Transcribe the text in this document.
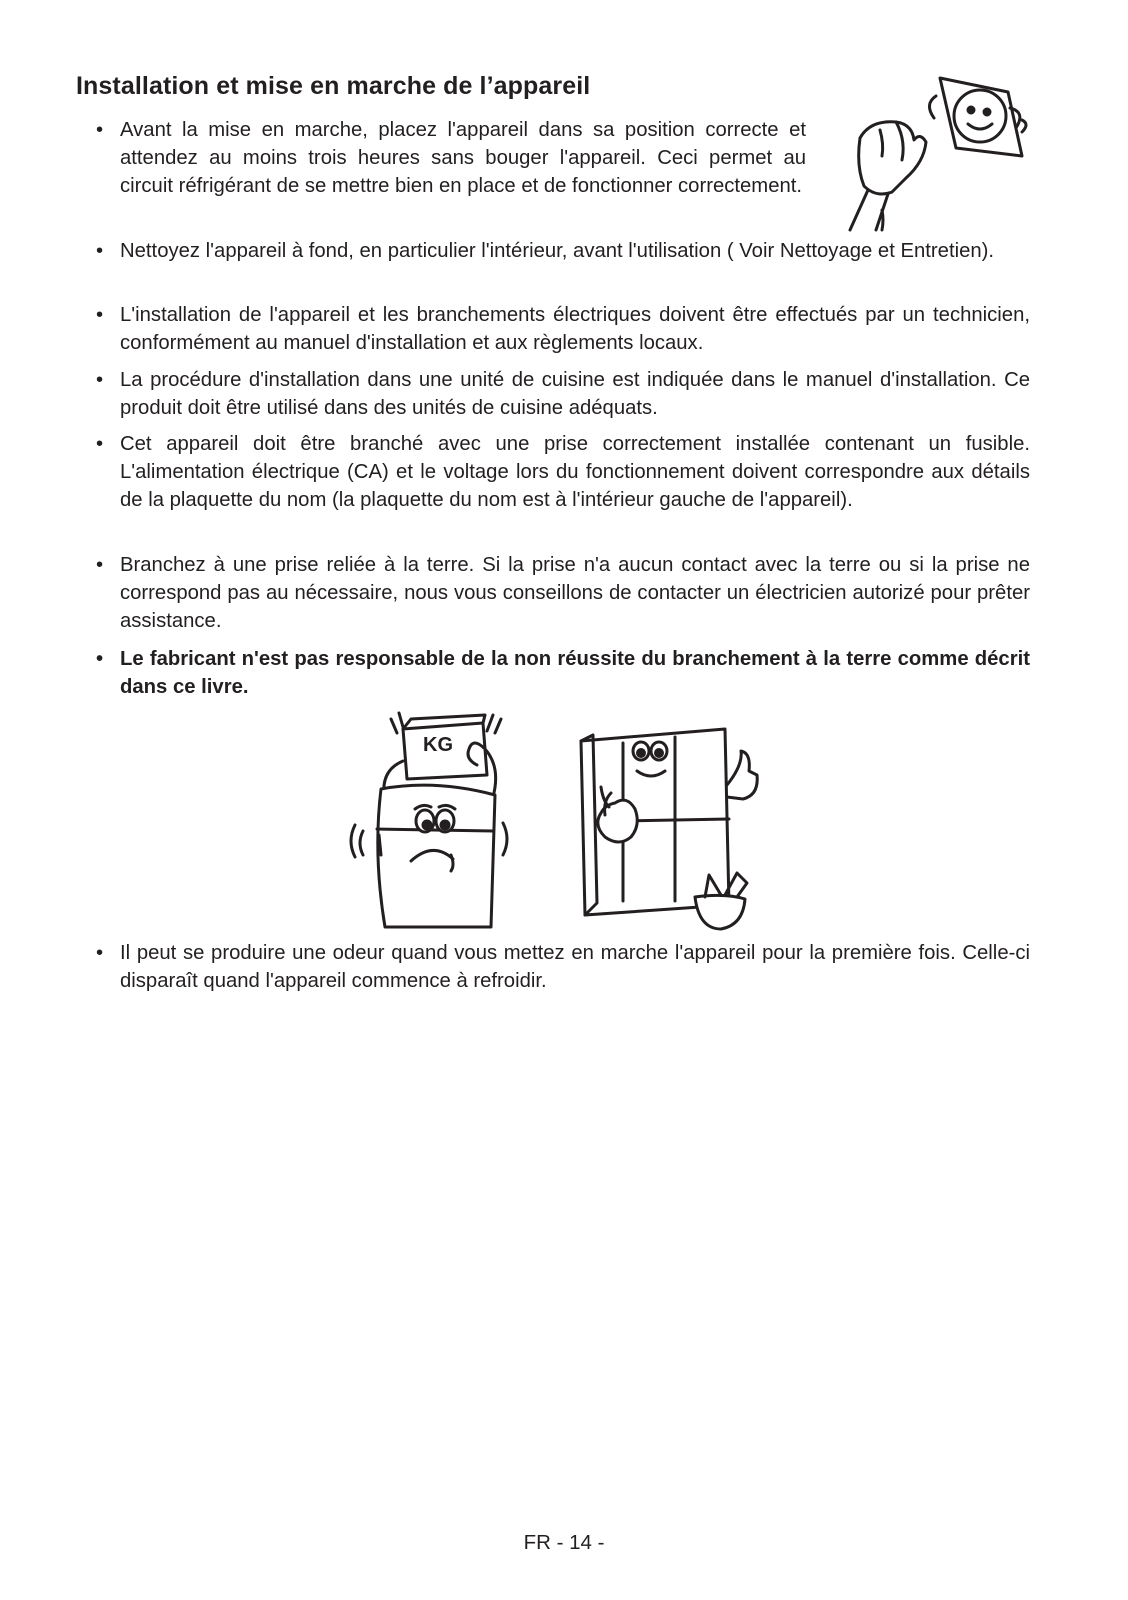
Installation et mise en marche de l’appareil
• Avant la mise en marche, placez l'appareil dans sa position correcte et attendez au moins trois heures sans bouger l'appareil. Ceci permet au circuit réfrigérant de se mettre bien en place et de fonctionner correctement.
• Nettoyez l'appareil à fond, en particulier l'intérieur, avant l'utilisation ( Voir Nettoyage et Entretien).
• L'installation de l'appareil et les branchements électriques doivent être effectués par un technicien, conformément au manuel d'installation et aux règlements locaux.
• La procédure d'installation dans une unité de cuisine est indiquée dans le manuel d'installation. Ce produit doit être utilisé dans des unités de cuisine adéquats.
• Cet appareil doit être branché avec une prise correctement installée contenant un fusible. L'alimentation électrique (CA) et le voltage lors du fonctionnement doivent correspondre aux détails de la plaquette du nom (la plaquette du nom est à l'intérieur gauche de l'appareil).
• Branchez à une prise reliée à la terre. Si la prise n'a aucun contact avec la terre ou si la prise ne correspond pas au nécessaire, nous vous conseillons de contacter un électricien autorizé pour prêter assistance.
• Le fabricant n'est pas responsable de la non réussite du branchement à la terre comme décrit dans ce livre.
KG
• Il peut se produire une odeur quand vous mettez en marche l'appareil pour la première fois. Celle-ci disparaît quand l'appareil commence à refroidir.
FR - 14 -
